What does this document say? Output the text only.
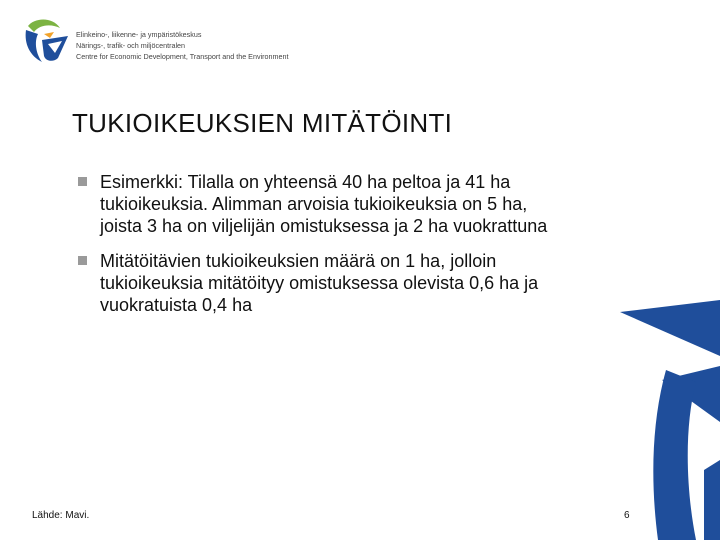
Elinkeino-, liikenne- ja ympäristökeskus
Närings-, trafik- och miljöcentralen
Centre for Economic Development, Transport and the Environment
TUKIOIKEUKSIEN MITÄTÖINTI
Esimerkki: Tilalla on yhteensä 40 ha peltoa ja 41 ha tukioikeuksia. Alimman arvoisia tukioikeuksia on 5 ha, joista 3 ha on viljelijän omistuksessa ja 2 ha vuokrattuna
Mitätöitävien tukioikeuksien määrä on 1 ha, jolloin tukioikeuksia mitätöityy omistuksessa olevista 0,6 ha ja vuokratuista 0,4 ha
Lähde: Mavi.	6
